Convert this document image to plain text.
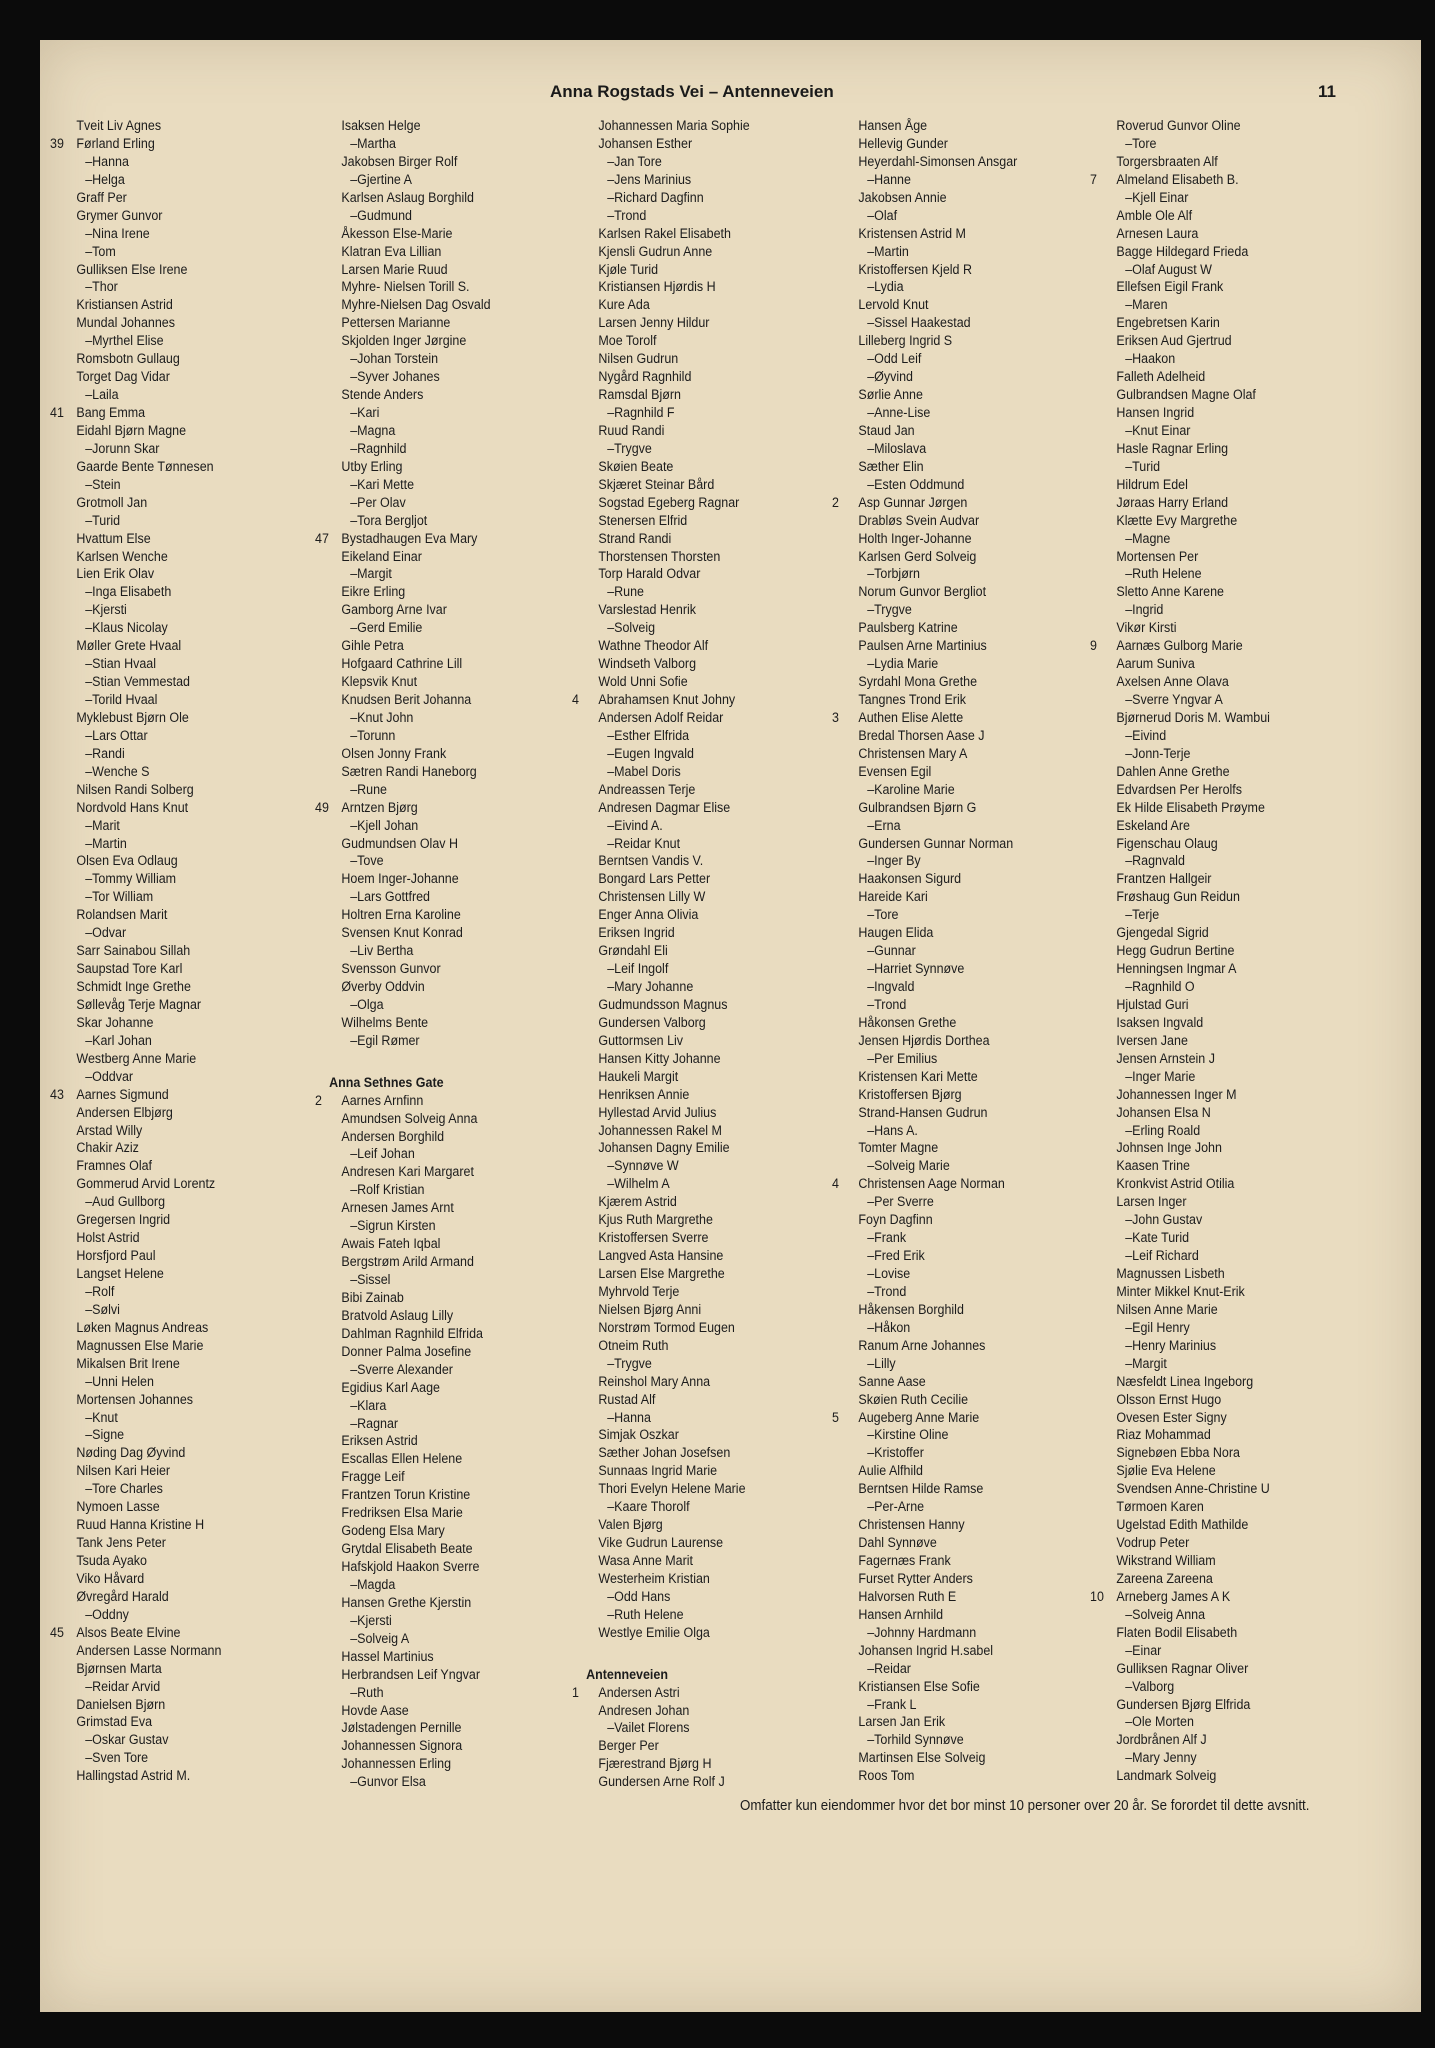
Anna Rogstads Vei – Antenneveien	11
Tveit Liv Agnes
39 Førland Erling
–Hanna
–Helga
Graff Per
Grymer Gunvor
–Nina Irene
–Tom
Gulliksen Else Irene
–Thor
Kristiansen Astrid
Mundal Johannes
–Myrthel Elise
Romsbotn Gullaug
Torget Dag Vidar
–Laila
41 Bang Emma
Eidahl Bjørn Magne
–Jorunn Skar
Gaarde Bente Tønnesen
–Stein
Grotmoll Jan
–Turid
Hvattum Else
Karlsen Wenche
Lien Erik Olav
–Inga Elisabeth
–Kjersti
–Klaus Nicolay
Møller Grete Hvaal
–Stian Hvaal
–Stian Vemmestad
–Torild Hvaal
Myklebust Bjørn Ole
–Lars Ottar
–Randi
–Wenche S
Nilsen Randi Solberg
Nordvold Hans Knut
–Marit
–Martin
Olsen Eva Odlaug
–Tommy William
–Tor William
Rolandsen Marit
–Odvar
Sarr Sainabou Sillah
Saupstad Tore Karl
Schmidt Inge Grethe
Søllevåg Terje Magnar
Skar Johanne
–Karl Johan
Westberg Anne Marie
–Oddvar
43 Aarnes Sigmund
Andersen Elbjørg
Arstad Willy
Chakir Aziz
Framnes Olaf
Gommerud Arvid Lorentz
–Aud Gullborg
Gregersen Ingrid
Holst Astrid
Horsfjord Paul
Langset Helene
–Rolf
–Sølvi
Løken Magnus Andreas
Magnussen Else Marie
Mikalsen Brit Irene
–Unni Helen
Mortensen Johannes
–Knut
–Signe
Nøding Dag Øyvind
Nilsen Kari Heier
–Tore Charles
Nymoen Lasse
Ruud Hanna Kristine H
Tank Jens Peter
Tsuda Ayako
Viko Håvard
Øvregård Harald
–Oddny
45 Alsos Beate Elvine
Andersen Lasse Normann
Bjørnsen Marta
–Reidar Arvid
Danielsen Bjørn
Grimstad Eva
–Oskar Gustav
–Sven Tore
Hallingstad Astrid M.
Isaksen Helge
–Martha
Jakobsen Birger Rolf
–Gjertine A
Karlsen Aslaug Borghild
–Gudmund
Åkesson Else-Marie
Klatran Eva Lillian
Larsen Marie Ruud
Myhre- Nielsen Torill S.
Myhre-Nielsen Dag Osvald
Pettersen Marianne
Skjolden Inger Jørgine
–Johan Torstein
–Syver Johanes
Stende Anders
–Kari
–Magna
–Ragnhild
Utby Erling
–Kari Mette
–Per Olav
–Tora Bergljot
47 Bystadhaugen Eva Mary
Eikeland Einar
–Margit
Eikre Erling
Gamborg Arne Ivar
–Gerd Emilie
Gihle Petra
Hofgaard Cathrine Lill
Klepsvik Knut
Knudsen Berit Johanna
–Knut John
–Torunn
Olsen Jonny Frank
Sætren Randi Haneborg
–Rune
49 Arntzen Bjørg
–Kjell Johan
Gudmundsen Olav H
–Tove
Hoem Inger-Johanne
–Lars Gottfred
Holtren Erna Karoline
Svensen Knut Konrad
–Liv Bertha
Svensson Gunvor
Øverby Oddvin
–Olga
Wilhelms Bente
–Egil Rømer
Anna Sethnes Gate
2	Aarnes Arnfinn
Amundsen Solveig Anna
Andersen Borghild
–Leif Johan
Andresen Kari Margaret
–Rolf Kristian
Arnesen James Arnt
–Sigrun Kirsten
Awais Fateh Iqbal
Bergstrøm Arild Armand
–Sissel
Bibi Zainab
Bratvold Aslaug Lilly
Dahlman Ragnhild Elfrida
Donner Palma Josefine
–Sverre Alexander
Egidius Karl Aage
–Klara
–Ragnar
Eriksen Astrid
Escallas Ellen Helene
Fragge Leif
Frantzen Torun Kristine
Fredriksen Elsa Marie
Godeng Elsa Mary
Grytdal Elisabeth Beate
Hafskjold Haakon Sverre
–Magda
Hansen Grethe Kjerstin
–Kjersti
–Solveig A
Hassel Martinius
Herbrandsen Leif Yngvar
–Ruth
Hovde Aase
Jølstadengen Pernille
Johannessen Signora
Johannessen Erling
–Gunvor Elsa
Johannessen Maria Sophie
Johansen Esther
–Jan Tore
–Jens Marinius
–Richard Dagfinn
–Trond
Karlsen Rakel Elisabeth
Kjensli Gudrun Anne
Kjøle Turid
Kristiansen Hjørdis H
Kure Ada
Larsen Jenny Hildur
Moe Torolf
Nilsen Gudrun
Nygård Ragnhild
Ramsdal Bjørn
–Ragnhild F
Ruud Randi
–Trygve
Skøien Beate
Skjæret Steinar Bård
Sogstad Egeberg Ragnar
Stenersen Elfrid
Strand Randi
Thorstensen Thorsten
Torp Harald Odvar
–Rune
Varslestad Henrik
–Solveig
Wathne Theodor Alf
Windseth Valborg
Wold Unni Sofie
4	Abrahamsen Knut Johny
Andersen Adolf Reidar
–Esther Elfrida
–Eugen Ingvald
–Mabel Doris
Andreassen Terje
Andresen Dagmar Elise
–Eivind A.
–Reidar Knut
Berntsen Vandis V.
Bongard Lars Petter
Christensen Lilly W
Enger Anna Olivia
Eriksen Ingrid
Grøndahl Eli
–Leif Ingolf
–Mary Johanne
Gudmundsson Magnus
Gundersen Valborg
Guttormsen Liv
Hansen Kitty Johanne
Haukeli Margit
Henriksen Annie
Hyllestad Arvid Julius
Johannessen Rakel M
Johansen Dagny Emilie
–Synnøve W
–Wilhelm A
Kjærem Astrid
Kjus Ruth Margrethe
Kristoffersen Sverre
Langved Asta Hansine
Larsen Else Margrethe
Myhrvold Terje
Nielsen Bjørg Anni
Norstrøm Tormod Eugen
Otneim Ruth
–Trygve
Reinshol Mary Anna
Rustad Alf
–Hanna
Simjak Oszkar
Sæther Johan Josefsen
Sunnaas Ingrid Marie
Thori Evelyn Helene Marie
–Kaare Thorolf
Valen Bjørg
Vike Gudrun Laurense
Wasa Anne Marit
Westerheim Kristian
–Odd Hans
–Ruth Helene
Westlye Emilie Olga
Antenneveien
1	Andersen Astri
Andresen Johan
–Vailet Florens
Berger Per
Fjærestrand Bjørg H
Gundersen Arne Rolf J
Hansen Åge
Hellevig Gunder
Heyerdahl-Simonsen Ansgar
–Hanne
Jakobsen Annie
–Olaf
Kristensen Astrid M
–Martin
Kristoffersen Kjeld R
–Lydia
Lervold Knut
–Sissel Haakestad
Lilleberg Ingrid S
–Odd Leif
–Øyvind
Sørlie Anne
–Anne-Lise
Staud Jan
–Miloslava
Sæther Elin
–Esten Oddmund
2	Asp Gunnar Jørgen
Drabløs Svein Audvar
Holth Inger-Johanne
Karlsen Gerd Solveig
–Torbjørn
Norum Gunvor Bergliot
–Trygve
Paulsberg Katrine
Paulsen Arne Martinius
–Lydia Marie
Syrdahl Mona Grethe
Tangnes Trond Erik
3	Authen Elise Alette
Bredal Thorsen Aase J
Christensen Mary A
Evensen Egil
–Karoline Marie
Gulbrandsen Bjørn G
–Erna
Gundersen Gunnar Norman
–Inger By
Haakonsen Sigurd
Hareide Kari
–Tore
Haugen Elida
–Gunnar
–Harriet Synnøve
–Ingvald
–Trond
Håkonsen Grethe
Jensen Hjørdis Dorthea
–Per Emilius
Kristensen Kari Mette
Kristoffersen Bjørg
Strand-Hansen Gudrun
–Hans A.
Tomter Magne
–Solveig Marie
4	Christensen Aage Norman
–Per Sverre
Foyn Dagfinn
–Frank
–Fred Erik
–Lovise
–Trond
Håkensen Borghild
–Håkon
Ranum Arne Johannes
–Lilly
Sanne Aase
Skøien Ruth Cecilie
5	Augeberg Anne Marie
–Kirstine Oline
–Kristoffer
Aulie Alfhild
Berntsen Hilde Ramse
–Per-Arne
Christensen Hanny
Dahl Synnøve
Fagernæs Frank
Furset Rytter Anders
Halvorsen Ruth E
Hansen Arnhild
–Johnny Hardmann
Johansen Ingrid H.sabel
–Reidar
Kristiansen Else Sofie
–Frank L
Larsen Jan Erik
–Torhild Synnøve
Martinsen Else Solveig
Roos Tom
Roverud Gunvor Oline
–Tore
Torgersbraaten Alf
7	Almeland Elisabeth B.
–Kjell Einar
Amble Ole Alf
Arnesen Laura
Bagge Hildegard Frieda
–Olaf August W
Ellefsen Eigil Frank
–Maren
Engebretsen Karin
Eriksen Aud Gjertrud
–Haakon
Falleth Adelheid
Gulbrandsen Magne Olaf
Hansen Ingrid
–Knut Einar
Hasle Ragnar Erling
–Turid
Hildrum Edel
Jøraas Harry Erland
Klætte Evy Margrethe
–Magne
Mortensen Per
–Ruth Helene
Sletto Anne Karene
–Ingrid
Vikør Kirsti
9	Aarnæs Gulborg Marie
Aarum Suniva
Axelsen Anne Olava
–Sverre Yngvar A
Bjørnerud Doris M. Wambui
–Eivind
–Jonn-Terje
Dahlen Anne Grethe
Edvardsen Per Herolfs
Ek Hilde Elisabeth Prøyme
Eskeland Are
Figenschau Olaug
–Ragnvald
Frantzen Hallgeir
Frøshaug Gun Reidun
–Terje
Gjengedal Sigrid
Hegg Gudrun Bertine
Henningsen Ingmar A
–Ragnhild O
Hjulstad Guri
Isaksen Ingvald
Iversen Jane
Jensen Arnstein J
–Inger Marie
Johannessen Inger M
Johansen Elsa N
–Erling Roald
Johnsen Inge John
Kaasen Trine
Kronkvist Astrid Otilia
Larsen Inger
–John Gustav
–Kate Turid
–Leif Richard
Magnussen Lisbeth
Minter Mikkel Knut-Erik
Nilsen Anne Marie
–Egil Henry
–Henry Marinius
–Margit
Næsfeldt Linea Ingeborg
Olsson Ernst Hugo
Ovesen Ester Signy
Riaz Mohammad
Signebøen Ebba Nora
Sjølie Eva Helene
Svendsen Anne-Christine U
Tørmoen Karen
Ugelstad Edith Mathilde
Vodrup Peter
Wikstrand William
Zareena Zareena
10 Arneberg James A K
–Solveig Anna
Flaten Bodil Elisabeth
–Einar
Gulliksen Ragnar Oliver
–Valborg
Gundersen Bjørg Elfrida
–Ole Morten
Jordbrånen Alf J
–Mary Jenny
Landmark Solveig
Omfatter kun eiendommer hvor det bor minst 10 personer over 20 år. Se forordet til dette avsnitt.
